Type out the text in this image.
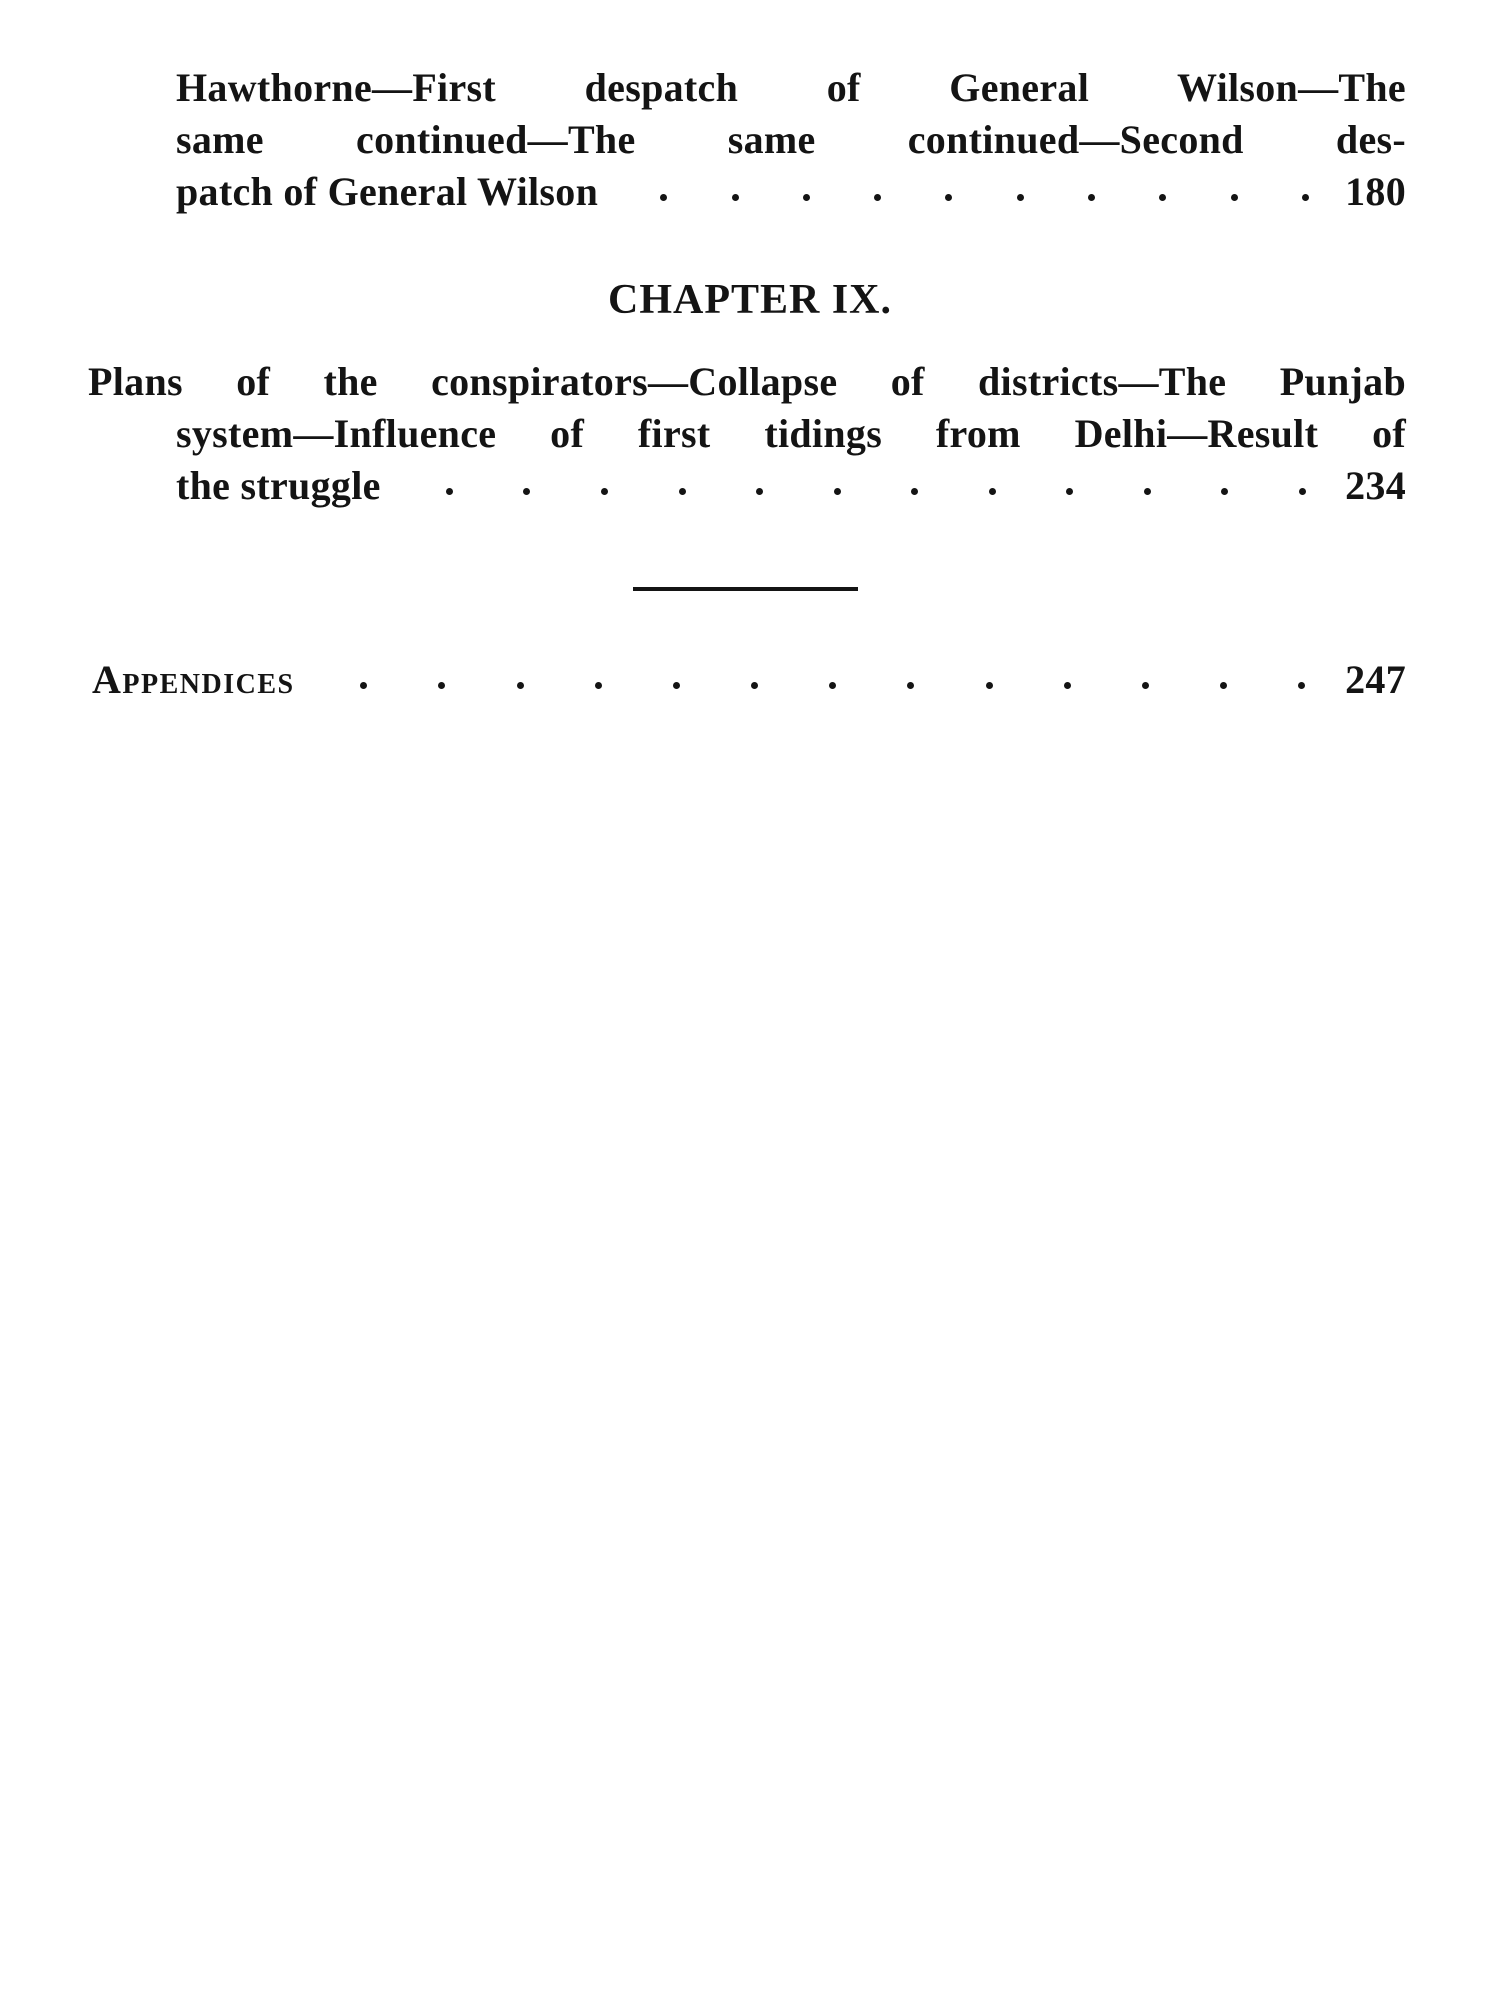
Hawthorne—First despatch of General Wilson—The
same continued—The same continued—Second des-
patch of General Wilson	180
CHAPTER IX.
Plans of the conspirators—Collapse of districts—The Punjab
system—Influence of first tidings from Delhi—Result of
the struggle	234
Appendices	247
